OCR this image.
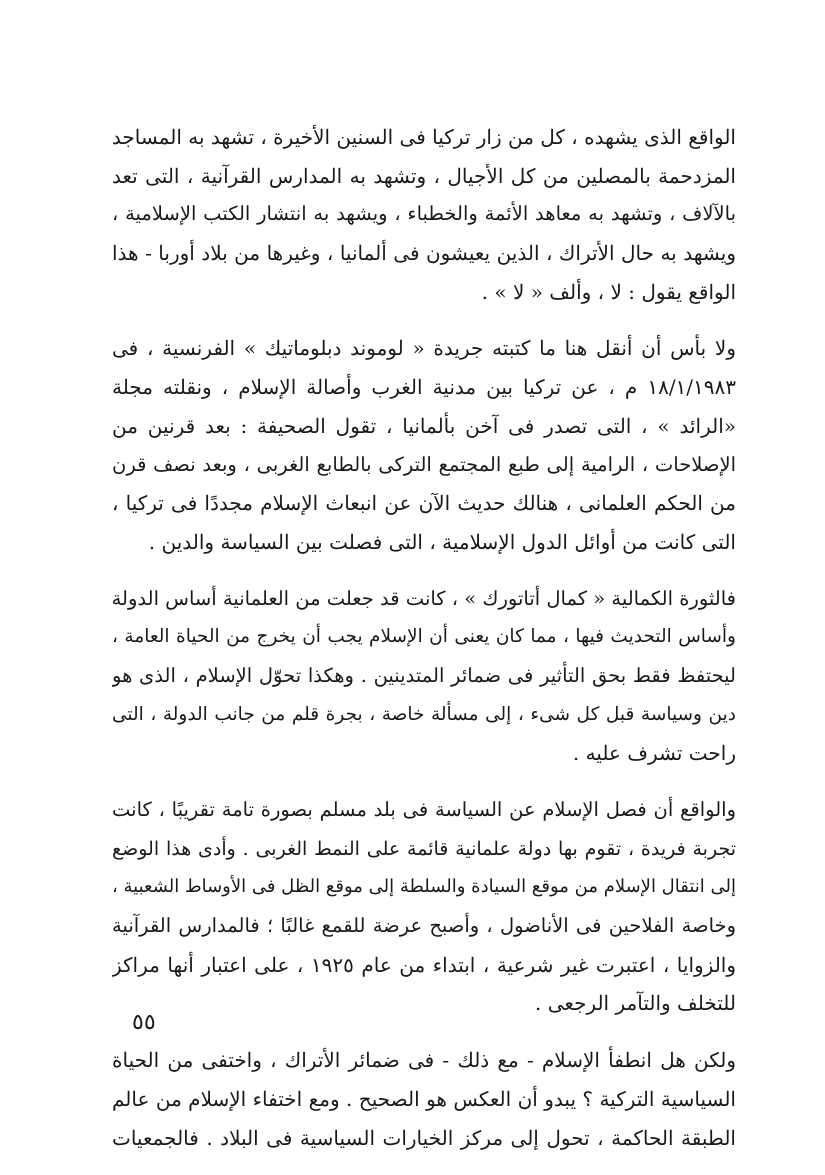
الواقع الذى يشهده ، كل من زار تركيا فى السنين الأخيرة ، تشهد به المساجد
المزدحمة بالمصلين من كل الأجيال ، وتشهد به المدارس القرآنية ، التى تعد
بالآلاف ، وتشهد به معاهد الأئمة والخطباء ، ويشهد به انتشار الكتب الإسلامية ،
ويشهد به حال الأتراك ، الذين يعيشون فى ألمانيا ، وغيرها من بلاد أوربا - هذا
الواقع يقول : لا ، وألف « لا » .
ولا بأس أن أنقل هنا ما كتبته جريدة « لوموند دبلوماتيك » الفرنسية ، فى
١٨/١/١٩٨٣ م ، عن تركيا بين مدنية الغرب وأصالة الإسلام ، ونقلته مجلة
«الرائد » ، التى تصدر فى آخن بألمانيا ، تقول الصحيفة : بعد قرنين من
الإصلاحات ، الرامية إلى طبع المجتمع التركى بالطابع الغربى ، وبعد نصف قرن
من الحكم العلمانى ، هنالك حديث الآن عن انبعاث الإسلام مجددًا فى تركيا ،
التى كانت من أوائل الدول الإسلامية ، التى فصلت بين السياسة والدين .
فالثورة الكمالية « كمال أتاتورك » ، كانت قد جعلت من العلمانية أساس الدولة
وأساس التحديث فيها ، مما كان يعنى أن الإسلام يجب أن يخرج من الحياة العامة ،
ليحتفظ فقط بحق التأثير فى ضمائر المتدينين . وهكذا تحوّل الإسلام ، الذى هو
دين وسياسة قبل كل شىء ، إلى مسألة خاصة ، بجرة قلم من جانب الدولة ، التى
راحت تشرف عليه .
والواقع أن فصل الإسلام عن السياسة فى بلد مسلم بصورة تامة تقريبًا ، كانت
تجربة فريدة ، تقوم بها دولة علمانية قائمة على النمط الغربى . وأدى هذا الوضع
إلى انتقال الإسلام من موقع السيادة والسلطة إلى موقع الظل فى الأوساط الشعبية ،
وخاصة الفلاحين فى الأناضول ، وأصبح عرضة للقمع غالبًا ؛ فالمدارس القرآنية
والزوايا ، اعتبرت غير شرعية ، ابتداء من عام ١٩٢٥ ، على اعتبار أنها مراكز
للتخلف والتآمر الرجعى .
ولكن هل انطفأ الإسلام - مع ذلك - فى ضمائر الأتراك ، واختفى من الحياة
السياسية التركية ؟ يبدو أن العكس هو الصحيح . ومع اختفاء الإسلام من عالم
الطبقة الحاكمة ، تحول إلى مركز الخيارات السياسية فى البلاد . فالجمعيات
٥٥
